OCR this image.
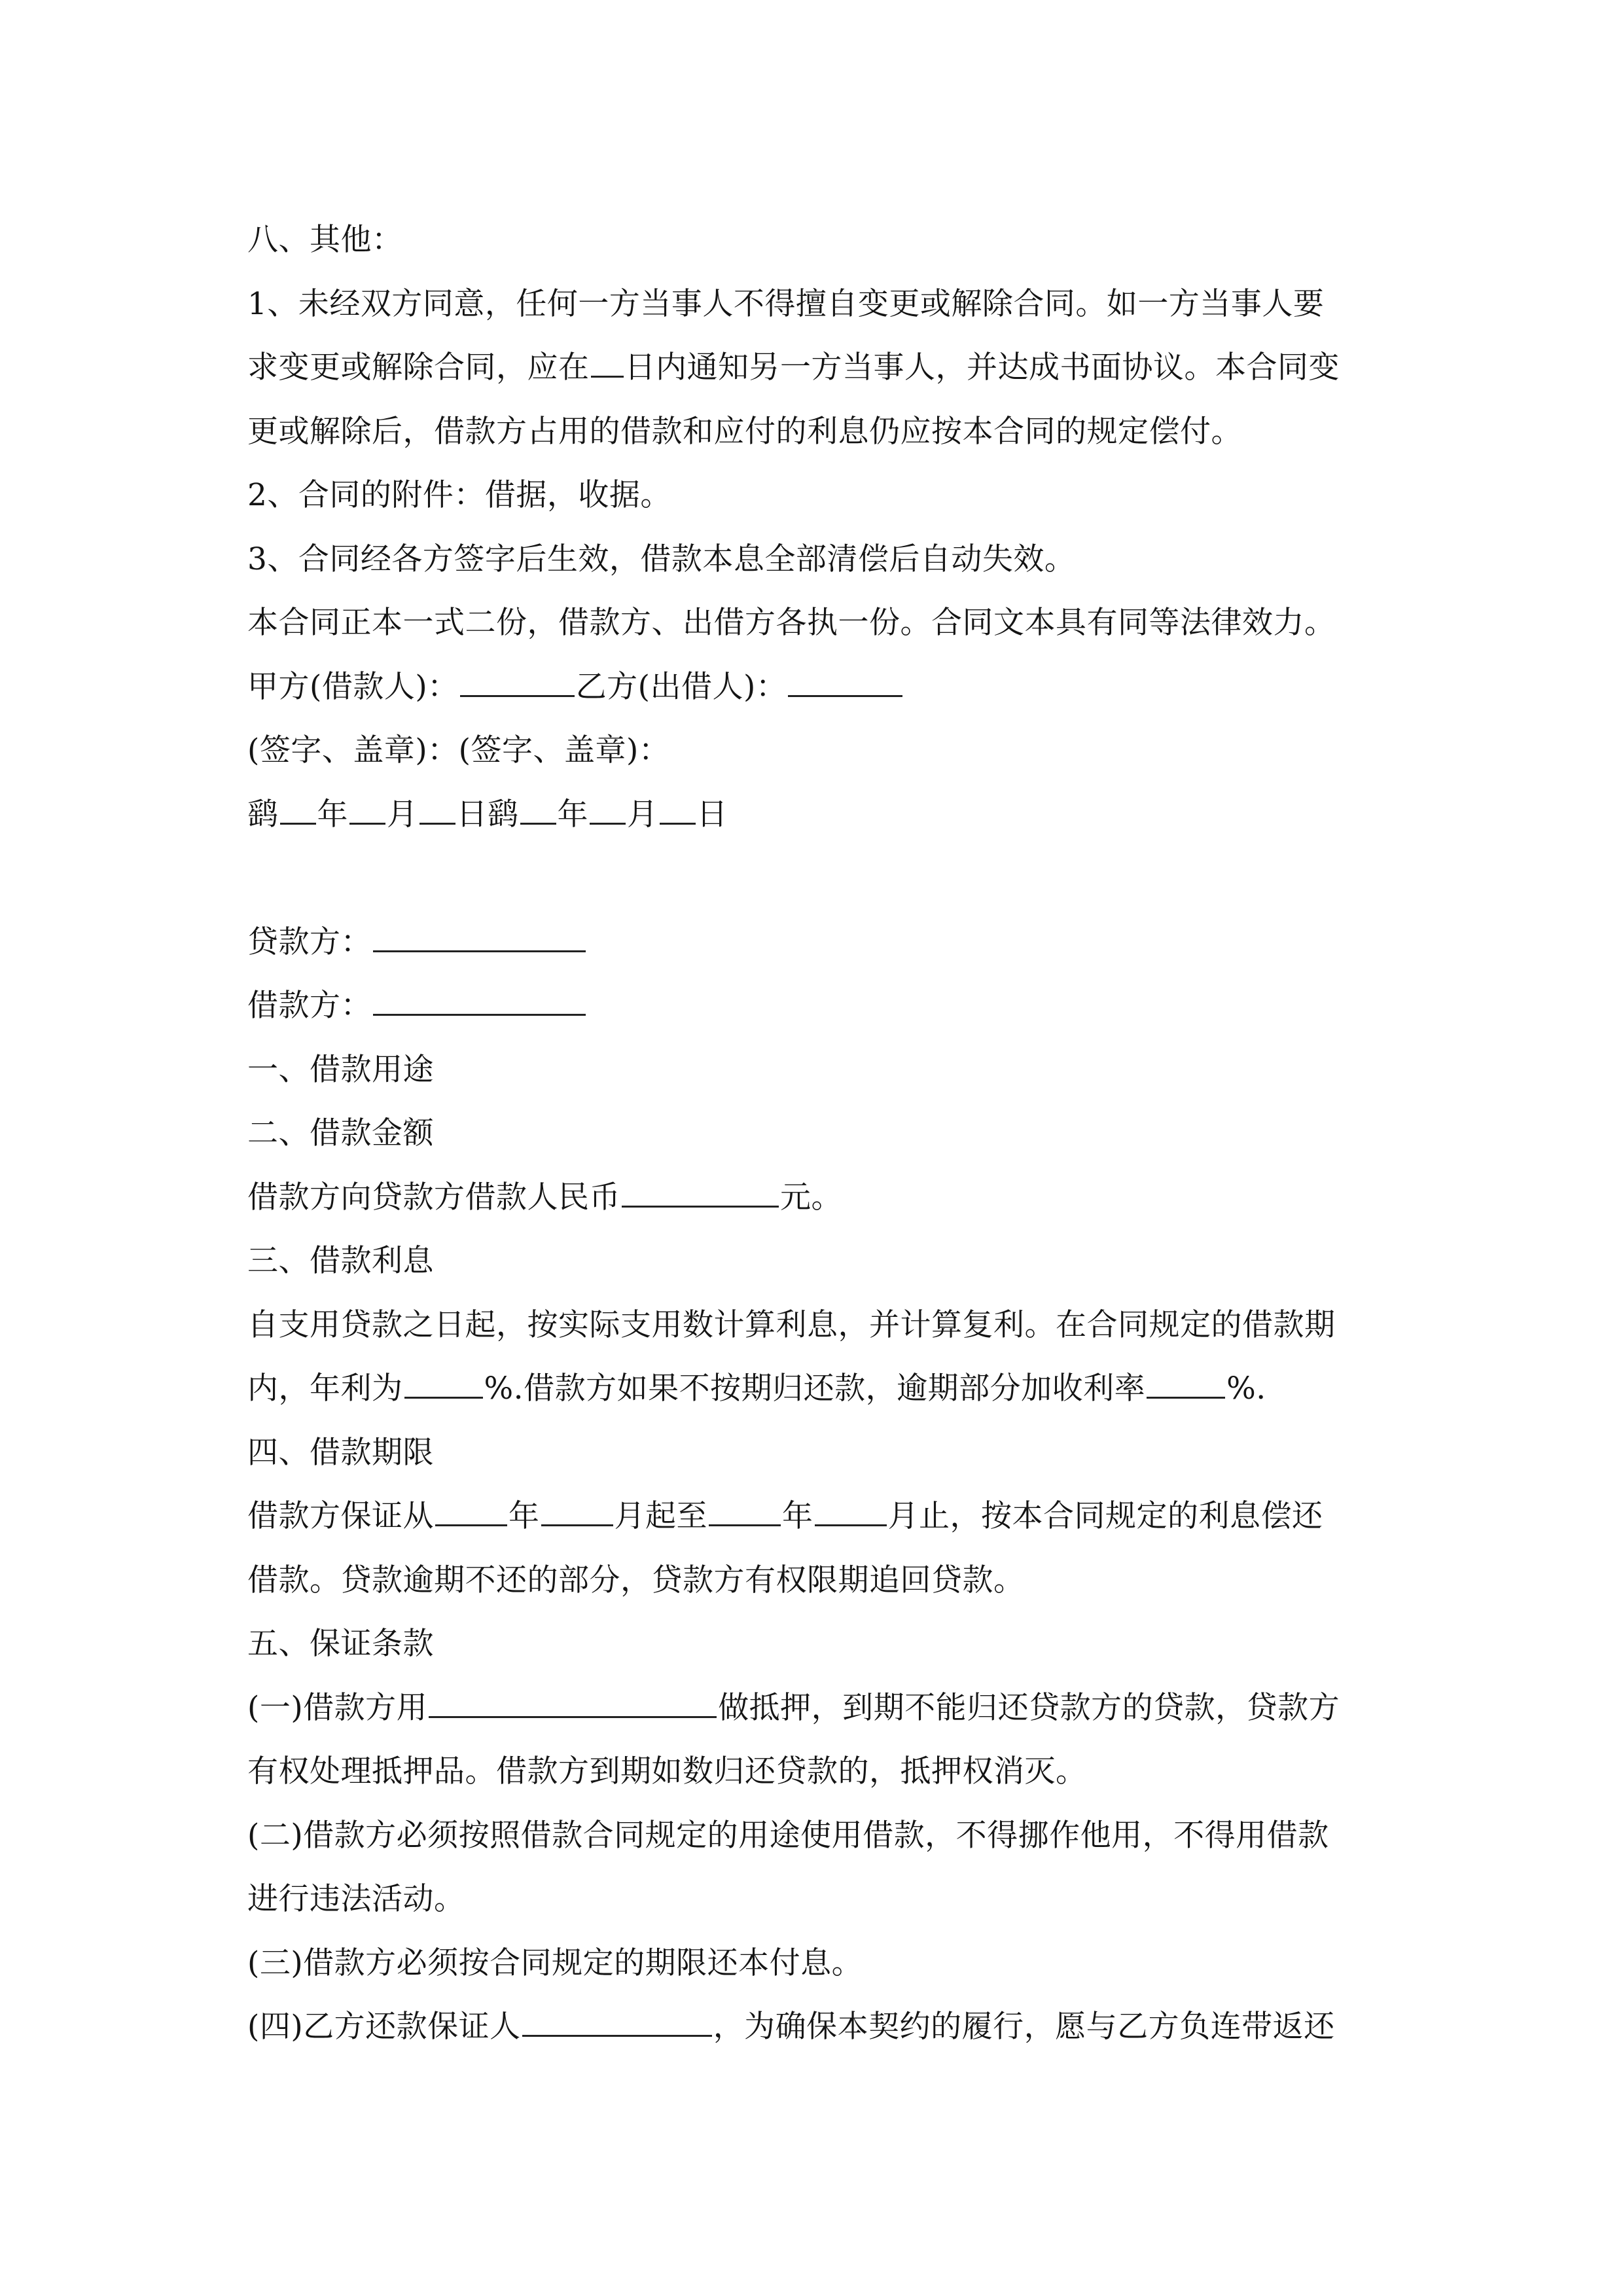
八、其他：
1、未经双方同意，任何一方当事人不得擅自变更或解除合同。如一方当事人要
求变更或解除合同，应在 日内通知另一方当事人，并达成书面协议。本合同变
更或解除后，借款方占用的借款和应付的利息仍应按本合同的规定偿付。
2、合同的附件：借据，收据。
3、合同经各方签字后生效，借款本息全部清偿后自动失效。
本合同正本一式二份，借款方、出借方各执一份。合同文本具有同等法律效力。
甲方(借款人)：	乙方(出借人)：
(签字、盖章)：(签字、盖章)：
鹞 年 月 日鹞 年 月 日
贷款方：
借款方：
一、借款用途
二、借款金额
借款方向贷款方借款人民币	元。
三、借款利息
自支用贷款之日起，按实际支用数计算利息，并计算复利。在合同规定的借款期
内，年利为	%.借款方如果不按期归还款，逾期部分加收利率	%.
四、借款期限
借款方保证从 年 月起至 年 月止，按本合同规定的利息偿还
借款。贷款逾期不还的部分，贷款方有权限期追回贷款。
五、保证条款
(一)借款方用	做抵押，到期不能归还贷款方的贷款，贷款方
有权处理抵押品。借款方到期如数归还贷款的，抵押权消灭。
(二)借款方必须按照借款合同规定的用途使用借款，不得挪作他用，不得用借款
进行违法活动。
(三)借款方必须按合同规定的期限还本付息。
(四)乙方还款保证人	，为确保本契约的履行，愿与乙方负连带返还
